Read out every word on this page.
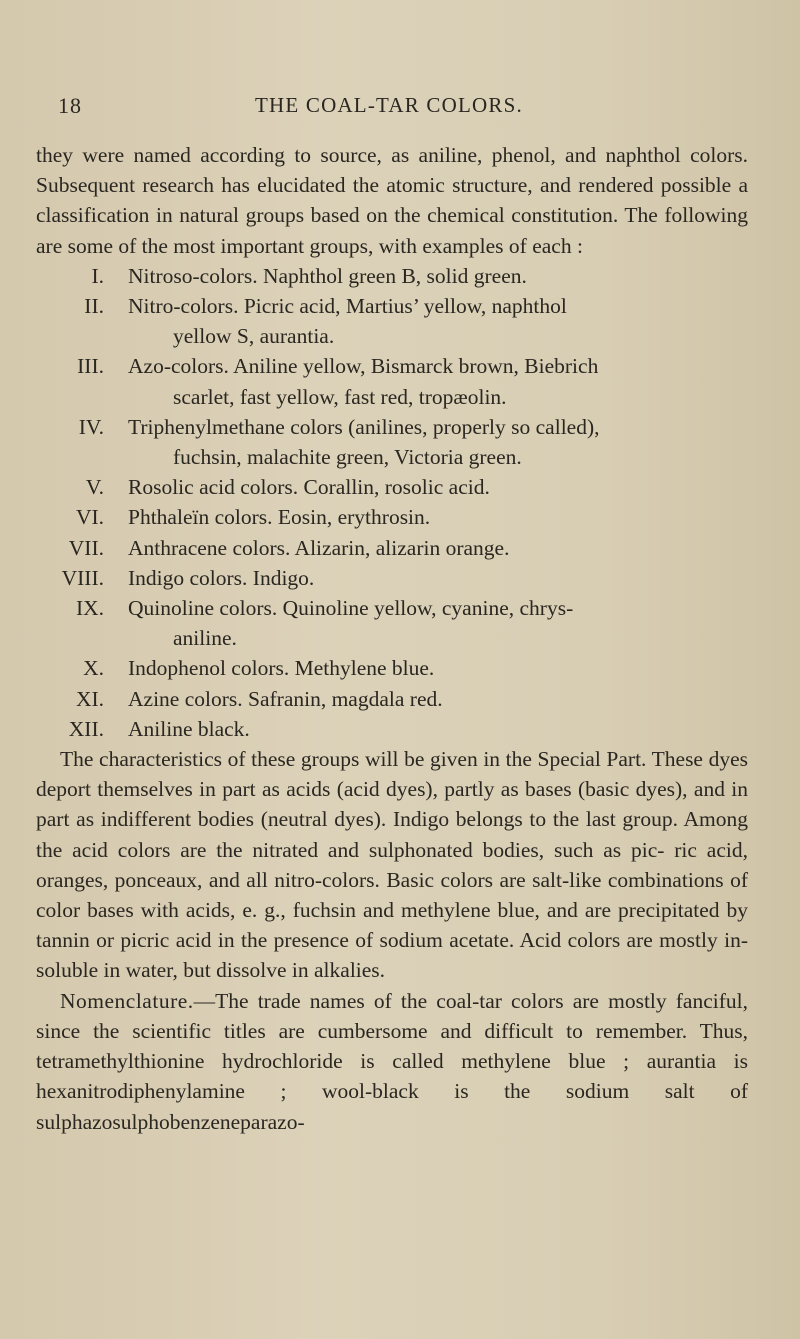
18	THE COAL-TAR COLORS.

they were named according to source, as aniline, phenol, and naphthol colors. Subsequent research has elucidated the atomic structure, and rendered possible a classification in natural groups based on the chemical constitution. The following are some of the most important groups, with examples of each :

I. Nitroso-colors. Naphthol green B, solid green.
II. Nitro-colors. Picric acid, Martius’ yellow, naphthol
yellow S, aurantia.
III. Azo-colors. Aniline yellow, Bismarck brown, Biebrich
scarlet, fast yellow, fast red, tropæolin.
IV. Triphenylmethane colors (anilines, properly so called),
fuchsin, malachite green, Victoria green.
V. Rosolic acid colors. Corallin, rosolic acid.
VI. Phthaleïn colors. Eosin, erythrosin.
VII. Anthracene colors. Alizarin, alizarin orange.
VIII. Indigo colors. Indigo.
IX. Quinoline colors. Quinoline yellow, cyanine, chrys-
aniline.
X. Indophenol colors. Methylene blue.
XI. Azine colors. Safranin, magdala red.
XII. Aniline black.

The characteristics of these groups will be given in the Special Part. These dyes deport themselves in part as acids (acid dyes), partly as bases (basic dyes), and in part as indifferent bodies (neutral dyes). Indigo belongs to the last group. Among the acid colors are the nitrated and sulphonated bodies, such as pic- ric acid, oranges, ponceaux, and all nitro-colors. Basic colors are salt-like combinations of color bases with acids, e. g., fuchsin and methylene blue, and are precipitated by tannin or picric acid in the presence of sodium acetate. Acid colors are mostly in- soluble in water, but dissolve in alkalies.

Nomenclature.—The trade names of the coal-tar colors are mostly fanciful, since the scientific titles are cumbersome and difficult to remember. Thus, tetramethylthionine hydrochloride is called methylene blue ; aurantia is hexanitrodiphenylamine ; wool-black is the sodium salt of sulphazosulphobenzeneparazo-
